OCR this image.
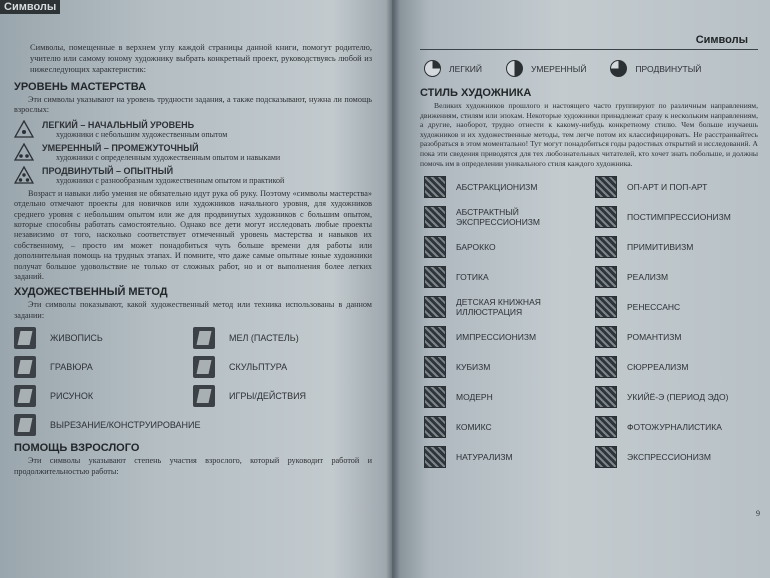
Символы
Символы, помещенные в верхнем углу каждой страницы данной книги, помогут родителю, учителю или самому юному художнику выбрать конкретный проект, руководствуясь любой из нижеследующих характеристик:
УРОВЕНЬ МАСТЕРСТВА
Эти символы указывают на уровень трудности задания, а также подсказывают, нужна ли помощь взрослых:
ЛЕГКИЙ – НАЧАЛЬНЫЙ УРОВЕНЬ
художники с небольшим художественным опытом
УМЕРЕННЫЙ – ПРОМЕЖУТОЧНЫЙ
художники с определенным художественным опытом и навыками
ПРОДВИНУТЫЙ – ОПЫТНЫЙ
художники с разнообразным художественным опытом и практикой
Возраст и навыки либо умения не обязательно идут рука об руку. Поэтому «символы мастерства» отдельно отмечают проекты для новичков или художников начального уровня, для художников среднего уровня с небольшим опытом или же для продвинутых художников с большим опытом, которые способны работать самостоятельно. Однако все дети могут исследовать любые проекты независимо от того, насколько соответствует отмеченный уровень мастерства и навыков их собственному, – просто им может понадобиться чуть больше времени для работы или дополнительная помощь на трудных этапах. И помните, что даже самые опытные юные художники получат большое удовольствие не только от сложных работ, но и от выполнения более легких заданий.
ХУДОЖЕСТВЕННЫЙ МЕТОД
Эти символы показывают, какой художественный метод или техника использованы в данном задании:
ЖИВОПИСЬ	МЕЛ (ПАСТЕЛЬ)
ГРАВЮРА	СКУЛЬПТУРА
РИСУНОК	ИГРЫ/ДЕЙСТВИЯ
ВЫРЕЗАНИЕ/КОНСТРУИРОВАНИЕ
ПОМОЩЬ ВЗРОСЛОГО
Эти символы указывают степень участия взрослого, который руководит работой и продолжительностью работы:
Символы
ЛЕГКИЙ	УМЕРЕННЫЙ	ПРОДВИНУТЫЙ
СТИЛЬ ХУДОЖНИКА
Великих художников прошлого и настоящего часто группируют по различным направлениям, движениям, стилям или эпохам. Некоторые художники принадлежат сразу к нескольким направлениям, а другие, наоборот, трудно отнести к какому-нибудь конкретному стилю. Чем больше изучаешь художников и их художественные методы, тем легче потом их классифицировать. Не расстраивайтесь разобраться в этом моментально! Тут могут понадобиться годы радостных открытий и исследований. А пока эти сведения приводятся для тех любознательных читателей, кто хочет знать побольше, и должны помочь им в определении уникального стиля каждого художника.
АБСТРАКЦИОНИЗМ	ОП-АРТ И ПОП-АРТ
АБСТРАКТНЫЙ ЭКСПРЕССИОНИЗМ	ПОСТИМПРЕССИОНИЗМ
БАРОККО	ПРИМИТИВИЗМ
ГОТИКА	РЕАЛИЗМ
ДЕТСКАЯ КНИЖНАЯ ИЛЛЮСТРАЦИЯ	РЕНЕССАНС
ИМПРЕССИОНИЗМ	РОМАНТИЗМ
КУБИЗМ	СЮРРЕАЛИЗМ
МОДЕРН	УКИЙЁ-Э (ПЕРИОД ЭДО)
КОМИКС	ФОТОЖУРНАЛИСТИКА
НАТУРАЛИЗМ	ЭКСПРЕССИОНИЗМ
9
